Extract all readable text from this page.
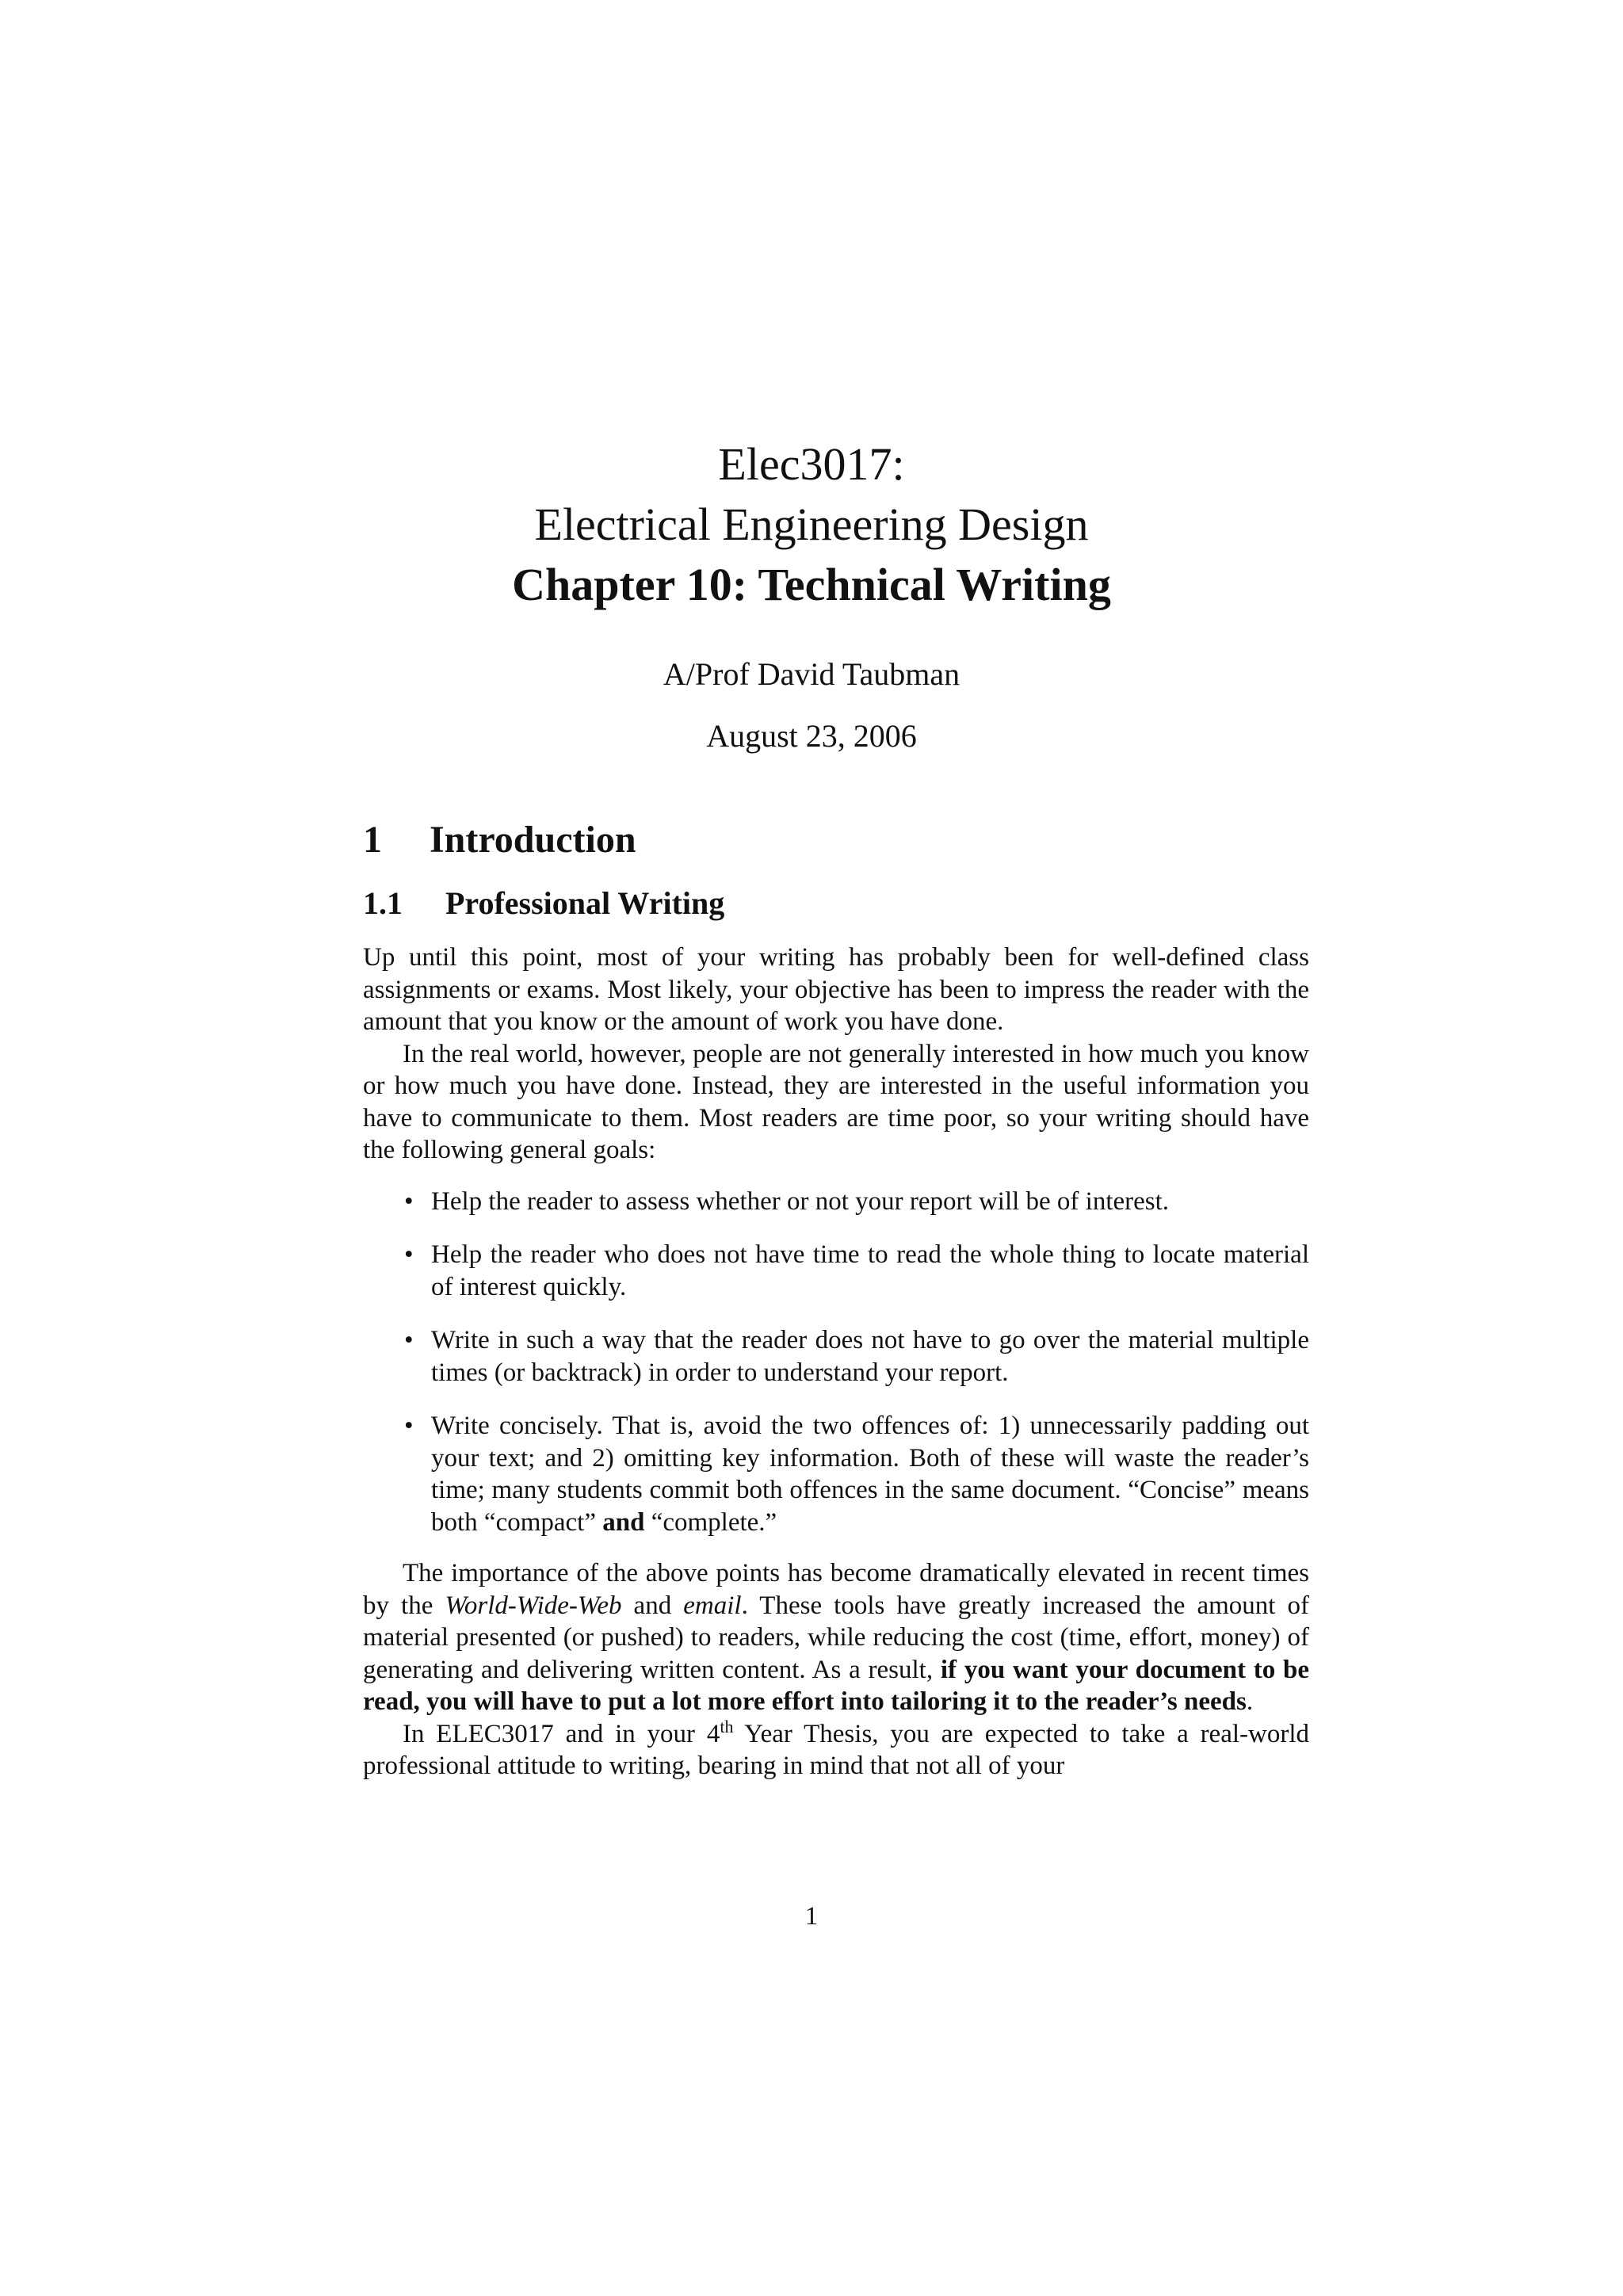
Elec3017:
Electrical Engineering Design
Chapter 10: Technical Writing
A/Prof David Taubman
August 23, 2006
1 Introduction
1.1 Professional Writing

Up until this point, most of your writing has probably been for well-defined class assignments or exams. Most likely, your objective has been to impress the reader with the amount that you know or the amount of work you have done.

In the real world, however, people are not generally interested in how much you know or how much you have done. Instead, they are interested in the useful information you have to communicate to them. Most readers are time poor, so your writing should have the following general goals:

• Help the reader to assess whether or not your report will be of interest.
• Help the reader who does not have time to read the whole thing to locate material of interest quickly.
• Write in such a way that the reader does not have to go over the material multiple times (or backtrack) in order to understand your report.
• Write concisely. That is, avoid the two offences of: 1) unnecessarily padding out your text; and 2) omitting key information. Both of these will waste the reader’s time; many students commit both offences in the same document. “Concise” means both “compact” and “complete.”

The importance of the above points has become dramatically elevated in recent times by the World-Wide-Web and email. These tools have greatly increased the amount of material presented (or pushed) to readers, while reducing the cost (time, effort, money) of generating and delivering written content. As a result, if you want your document to be read, you will have to put a lot more effort into tailoring it to the reader’s needs.

In ELEC3017 and in your 4th Year Thesis, you are expected to take a real-world professional attitude to writing, bearing in mind that not all of your

1
